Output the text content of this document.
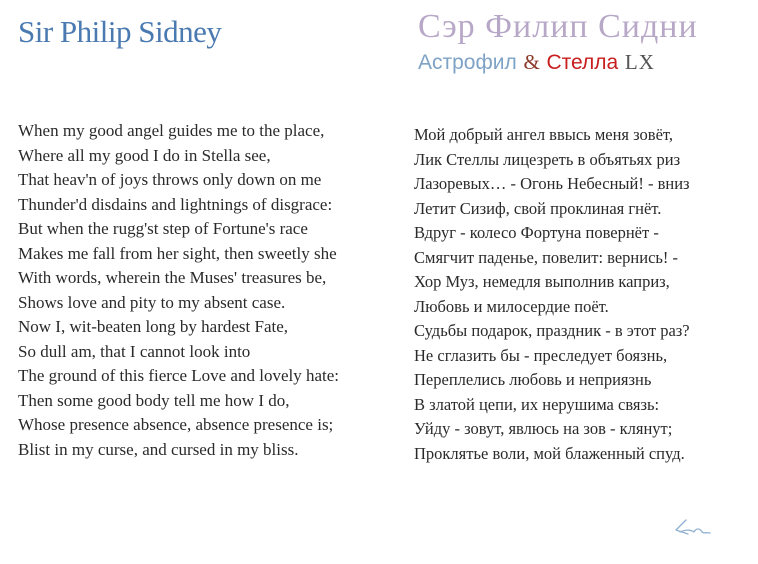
Sir Philip Sidney	Сэр Филип Сидни
Астрофил & Стелла LX
When my good angel guides me to the place,
Where all my good I do in Stella see,
That heav'n of joys throws only down on me
Thunder'd disdains and lightnings of disgrace:
But when the rugg'st step of Fortune's race
Makes me fall from her sight, then sweetly she
With words, wherein the Muses' treasures be,
Shows love and pity to my absent case.
Now I, wit-beaten long by hardest Fate,
So dull am, that I cannot look into
The ground of this fierce Love and lovely hate:
Then some good body tell me how I do,
Whose presence absence, absence presence is;
Blist in my curse, and cursed in my bliss.
Мой добрый ангел ввысь меня зовёт,
Лик Стеллы лицезреть в объятьях риз
Лазоревых… - Огонь Небесный! - вниз
Летит Сизиф, свой проклиная гнёт.
Вдруг - колесо Фортуна повернёт -
Смягчит паденье, повелит: вернись! -
Хор Муз, немедля выполнив каприз,
Любовь и милосердие поёт.
Судьбы подарок, праздник - в этот раз?
Не сглазить бы - преследует боязнь,
Переплелись любовь и неприязнь
В златой цепи, их нерушима связь:
Уйду - зовут, явлюсь на зов - клянут;
Проклятье воли, мой блаженный спуд.
